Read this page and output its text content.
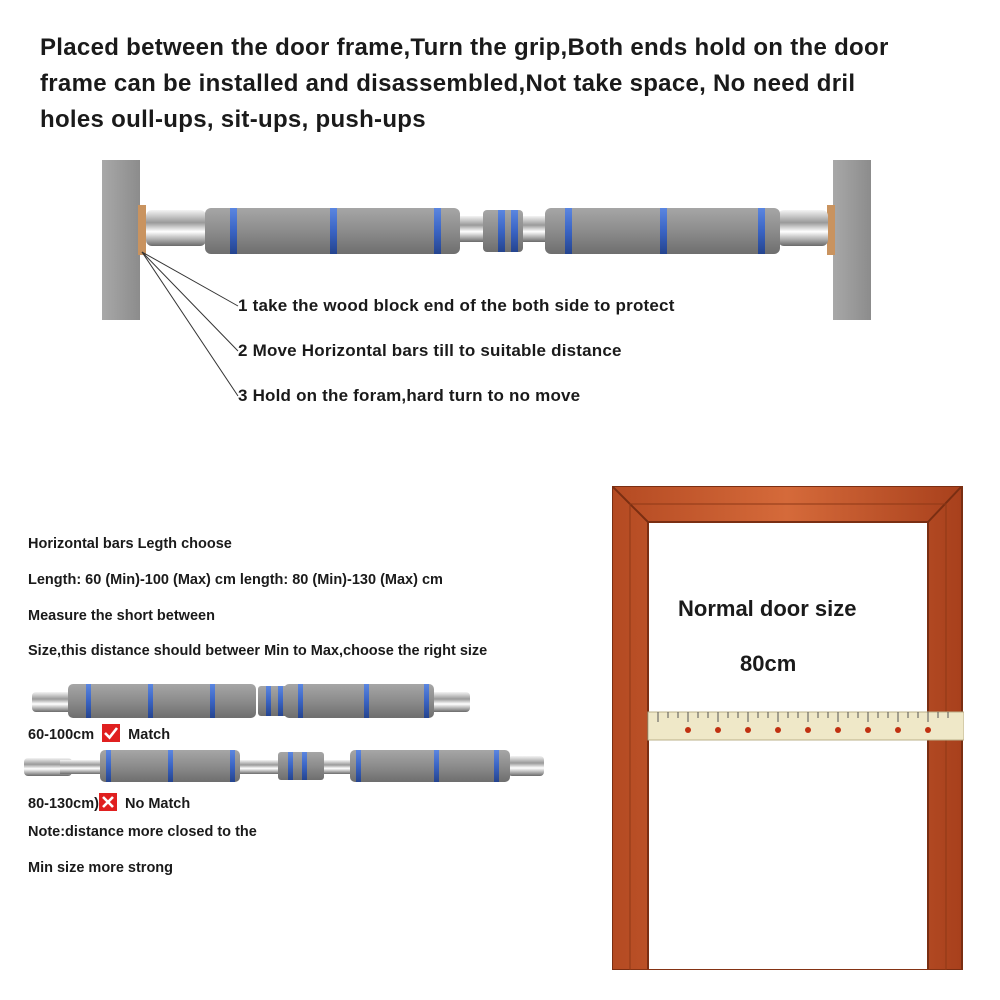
Placed between the door frame,Turn the grip,Both ends hold on the door
frame can be installed and disassembled,Not take space, No need dril
holes oull-ups, sit-ups, push-ups
1 take the wood block end of the both side to protect
2 Move Horizontal bars till to suitable distance
3 Hold on the foram,hard turn to no move
Horizontal bars Legth choose
Length: 60 (Min)-100 (Max) cm length: 80 (Min)-130 (Max) cm
Measure the short between
Size,this distance should betweer Min to Max,choose the right size
60-100cm Match
80-130cm) No Match
Note:distance more closed to the
Min size more strong
Normal door size
80cm
